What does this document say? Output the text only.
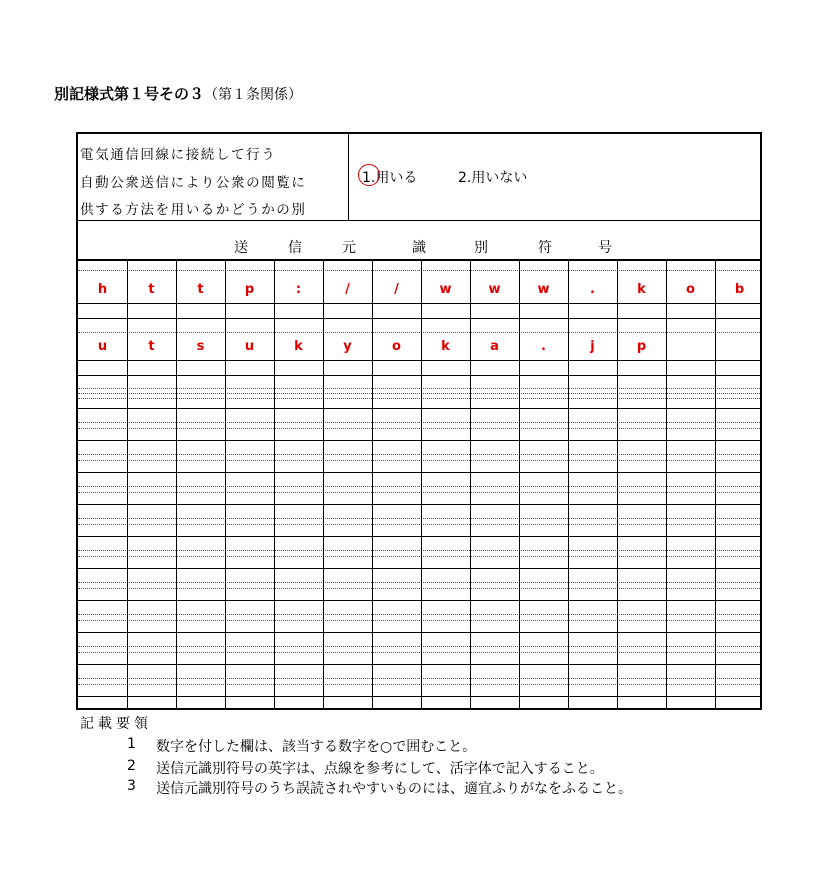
別記様式第１号その３（第１条関係）
電気通信回線に接続して行う
自動公衆送信により公衆の閲覧に
供する方法を用いるかどうかの別
1.用いる	2.用いない
送	信	元	識	別	符	号
h	t	t	p	:	/	/	w	w	w	.	k	o	b
u	t	s	u	k	y	o	k	a	.	j	p
記載要領
1 数字を付した欄は、該当する数字を○で囲むこと。
2 送信元識別符号の英字は、点線を参考にして、活字体で記入すること。
3 送信元識別符号のうち誤読されやすいものには、適宜ふりがなをふること。
